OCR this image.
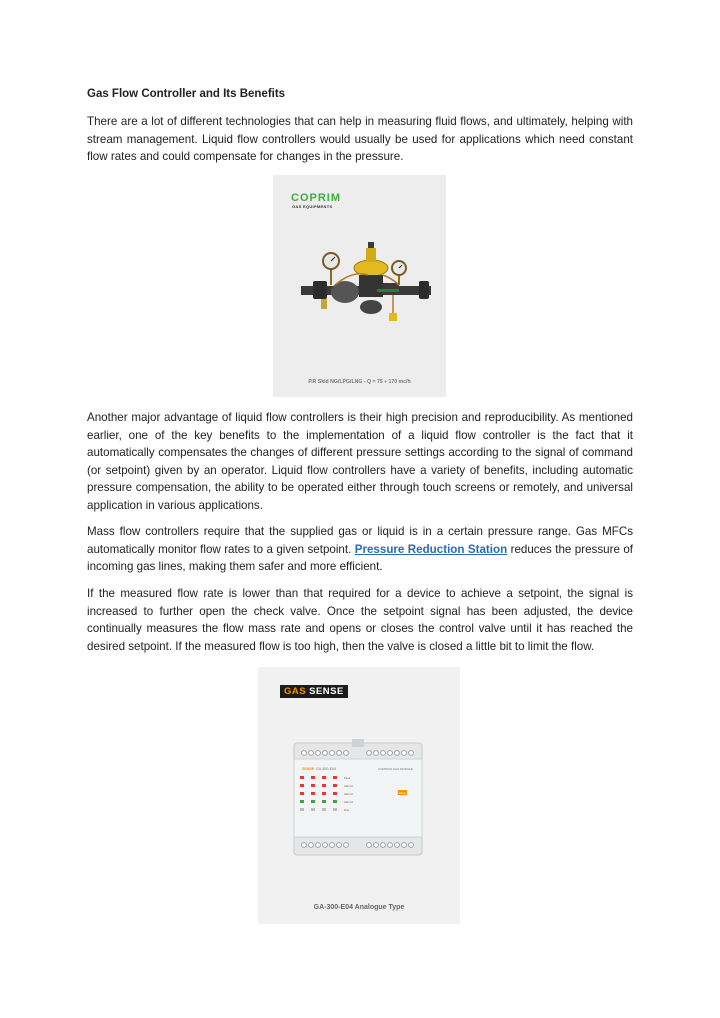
Gas Flow Controller and Its Benefits

There are a lot of different technologies that can help in measuring fluid flows, and ultimately, helping with stream management. Liquid flow controllers would usually be used for applications which need constant flow rates and could compensate for changes in the pressure.

COPRIM
GAS EQUIPMENTS
P.R Skid NG/LPG/LNG - Q = 75 ÷ 170 mc/h

Another major advantage of liquid flow controllers is their high precision and reproducibility. As mentioned earlier, one of the key benefits to the implementation of a liquid flow controller is the fact that it automatically compensates the changes of different pressure settings according to the signal of command (or setpoint) given by an operator. Liquid flow controllers have a variety of benefits, including automatic pressure compensation, the ability to be operated either through touch screens or remotely, and universal application in various applications.

Mass flow controllers require that the supplied gas or liquid is in a certain pressure range. Gas MFCs automatically monitor flow rates to a given setpoint. Pressure Reduction Station reduces the pressure of incoming gas lines, making them safer and more efficient.

If the measured flow rate is lower than that required for a device to achieve a setpoint, the signal is increased to further open the check valve. Once the setpoint signal has been adjusted, the device continually measures the flow mass rate and opens or closes the control valve until it has reached the desired setpoint. If the measured flow is too high, then the valve is closed a little bit to limit the flow.

GAS SENSE
SENSE GA-300-E04	COMMON GAS MODULE
Fault
Alarm1
Alarm2
Alarm3
Run
Reset
GA-300-E04 Analogue Type
